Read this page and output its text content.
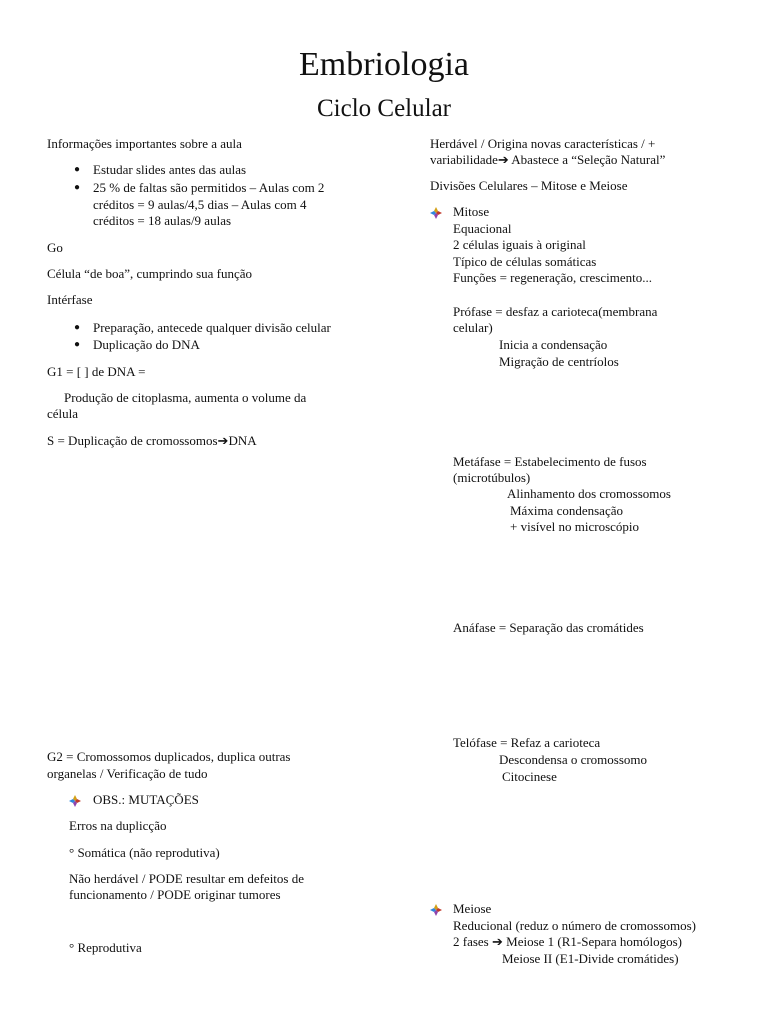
Embriologia
Ciclo Celular
Informações importantes sobre a aula
● Estudar slides antes das aulas
● 25 % de faltas são permitidos – Aulas com 2
créditos = 9 aulas/4,5 dias – Aulas com 4
créditos = 18 aulas/9 aulas
Go
Célula “de boa”, cumprindo sua função
Intérfase
● Preparação, antecede qualquer divisão celular
● Duplicação do DNA
G1 = [ ] de DNA =
Produção de citoplasma, aumenta o volume da
célula
S = Duplicação de cromossomos➔DNA
G2 = Cromossomos duplicados, duplica outras
organelas / Verificação de tudo
OBS.: MUTAÇÕES
Erros na duplicção
° Somática (não reprodutiva)
Não herdável / PODE resultar em defeitos de
funcionamento / PODE originar tumores
° Reprodutiva
Herdável / Origina novas características / +
variabilidade➔ Abastece a “Seleção Natural”
Divisões Celulares – Mitose e Meiose
Mitose
Equacional
2 células iguais à original
Típico de células somáticas
Funções = regeneração, crescimento...
Prófase = desfaz a carioteca(membrana
celular)
Inicia a condensação
Migração de centríolos
Metáfase = Estabelecimento de fusos
(microtúbulos)
Alinhamento dos cromossomos
Máxima condensação
+ visível no microscópio
Anáfase = Separação das cromátides
Telófase = Refaz a carioteca
Descondensa o cromossomo
Citocinese
Meiose
Reducional (reduz o número de cromossomos)
2 fases ➔ Meiose 1 (R1-Separa homólogos)
Meiose II (E1-Divide cromátides)
